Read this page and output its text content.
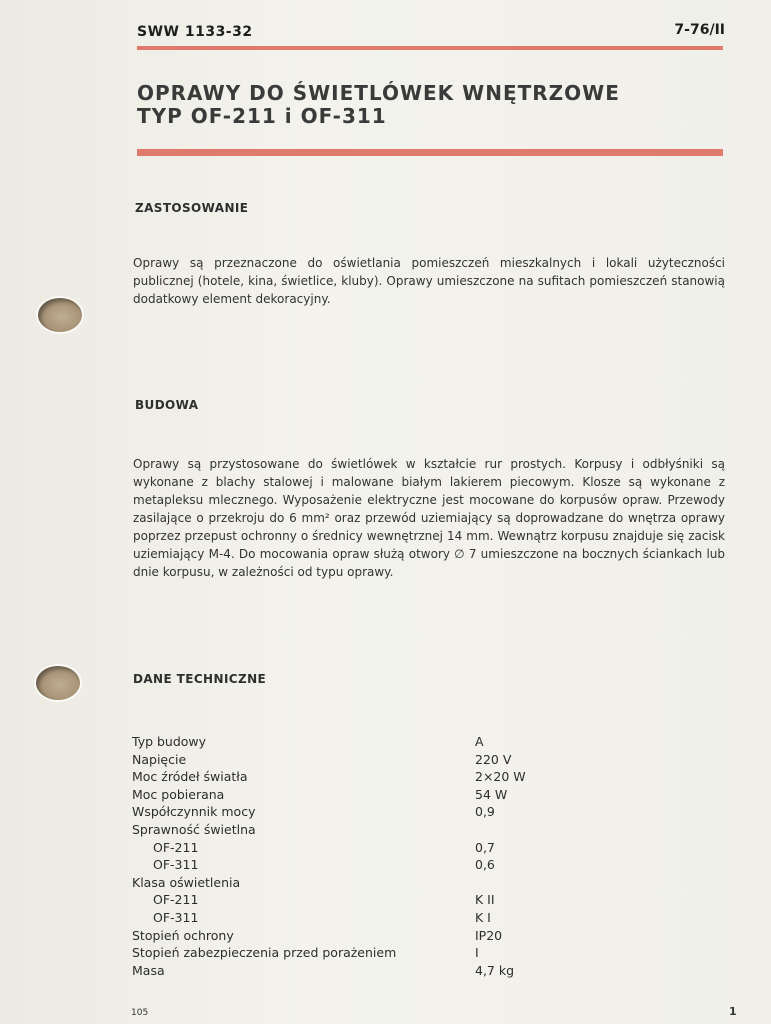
SWW 1133-32	7-76/II
OPRAWY DO ŚWIETLÓWEK WNĘTRZOWE
TYP OF-211 i OF-311
ZASTOSOWANIE

Oprawy są przeznaczone do oświetlania pomieszczeń mieszkalnych i lokali użyteczności publicznej (hotele, kina, świetlice, kluby). Oprawy umieszczone na sufitach pomieszczeń stanowią dodatkowy element dekoracyjny.

BUDOWA

Oprawy są przystosowane do świetlówek w kształcie rur prostych. Korpusy i odbłyśniki są wykonane z blachy stalowej i malowane białym lakierem piecowym. Klosze są wykonane z metapleksu mlecznego. Wyposażenie elektryczne jest mocowane do korpusów opraw. Przewody zasilające o przekroju do 6 mm² oraz przewód uziemiający są doprowadzane do wnętrza oprawy poprzez przepust ochronny o średnicy wewnętrznej 14 mm. Wewnątrz korpusu znajduje się zacisk uziemiający M-4. Do mocowania opraw służą otwory ∅ 7 umieszczone na bocznych ściankach lub dnie korpusu, w zależności od typu oprawy.

DANE TECHNICZNE
Typ budowy	A
Napięcie	220 V
Moc źródeł światła	2×20 W
Moc pobierana	54 W
Współczynnik mocy	0,9
Sprawność świetlna
OF-211	0,7
OF-311	0,6
Klasa oświetlenia
OF-211	K II
OF-311	K I
Stopień ochrony	IP20
Stopień zabezpieczenia przed porażeniem	I
Masa	4,7 kg
105	1
